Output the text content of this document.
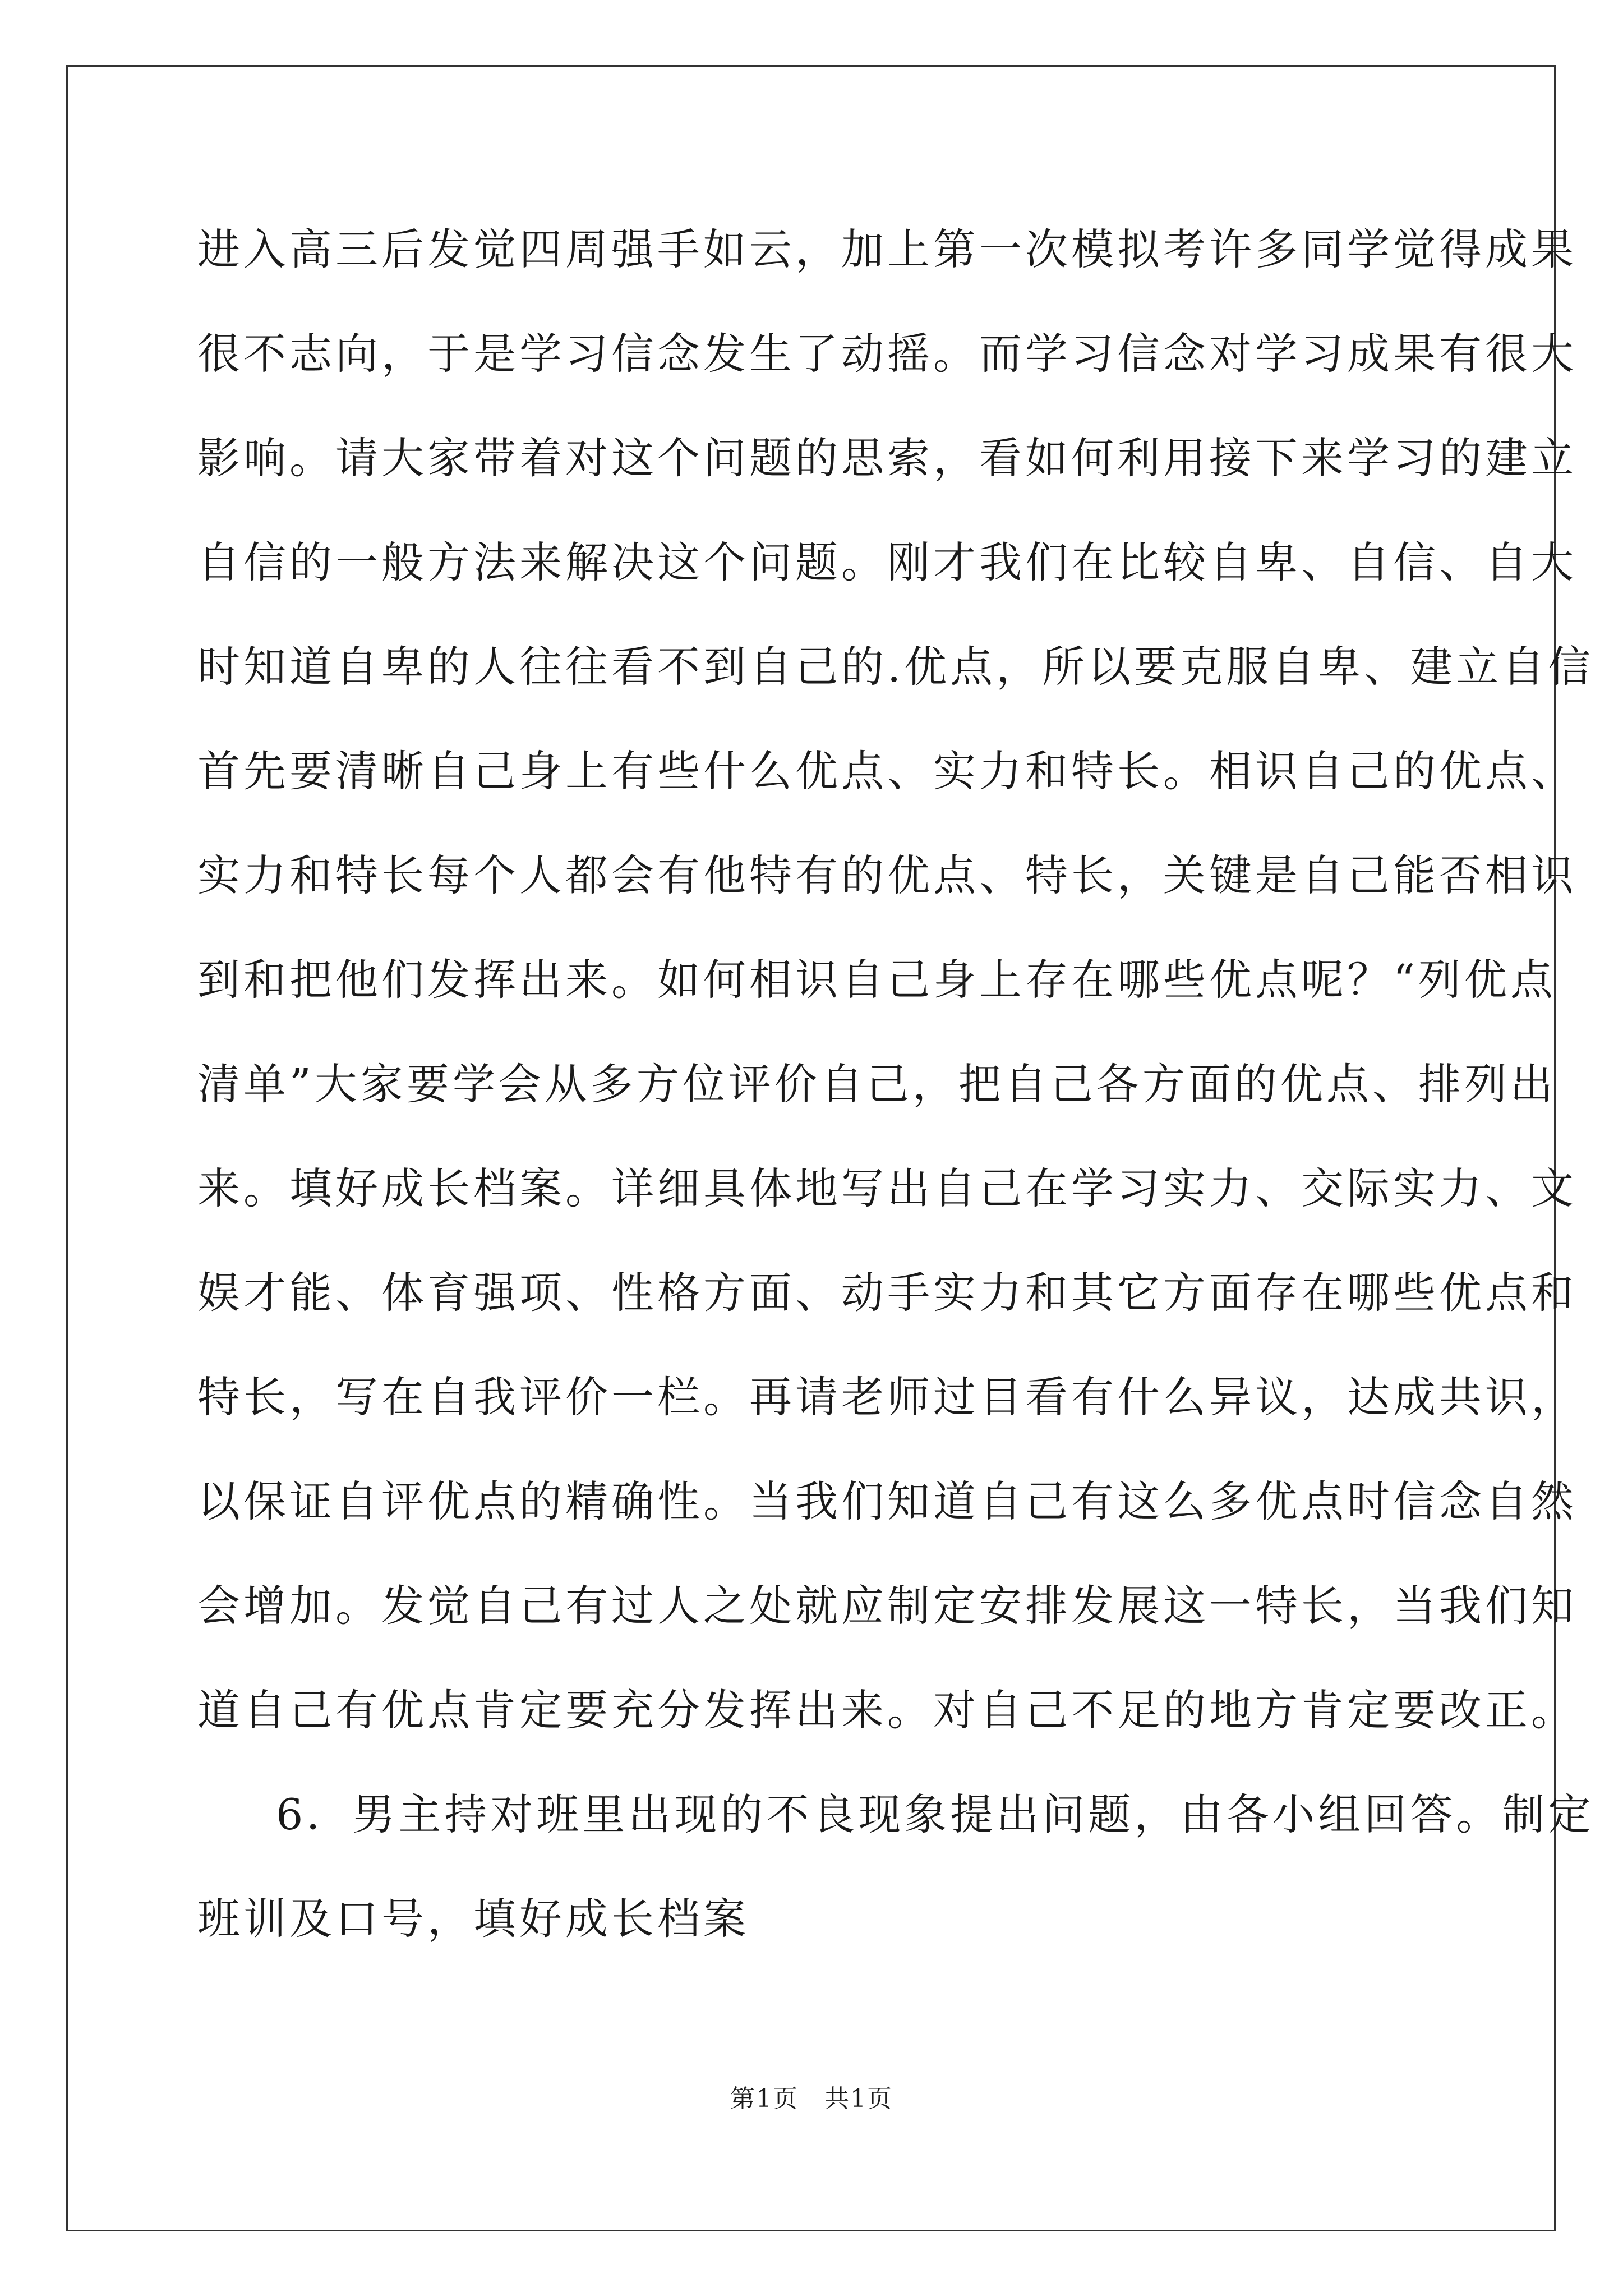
进入高三后发觉四周强手如云，加上第一次模拟考许多同学觉得成果
很不志向，于是学习信念发生了动摇。而学习信念对学习成果有很大
影响。请大家带着对这个问题的思索，看如何利用接下来学习的建立
自信的一般方法来解决这个问题。刚才我们在比较自卑、自信、自大
时知道自卑的人往往看不到自己的.优点，所以要克服自卑、建立自信
首先要清晰自己身上有些什么优点、实力和特长。相识自己的优点、
实力和特长每个人都会有他特有的优点、特长，关键是自己能否相识
到和把他们发挥出来。如何相识自己身上存在哪些优点呢？“列优点
清单”大家要学会从多方位评价自己，把自己各方面的优点、排列出
来。填好成长档案。详细具体地写出自己在学习实力、交际实力、文
娱才能、体育强项、性格方面、动手实力和其它方面存在哪些优点和
特长，写在自我评价一栏。再请老师过目看有什么异议，达成共识，
以保证自评优点的精确性。当我们知道自己有这么多优点时信念自然
会增加。发觉自己有过人之处就应制定安排发展这一特长，当我们知
道自己有优点肯定要充分发挥出来。对自己不足的地方肯定要改正。
6．男主持对班里出现的不良现象提出问题，由各小组回答。制定
班训及口号，填好成长档案
第1页　共1页
